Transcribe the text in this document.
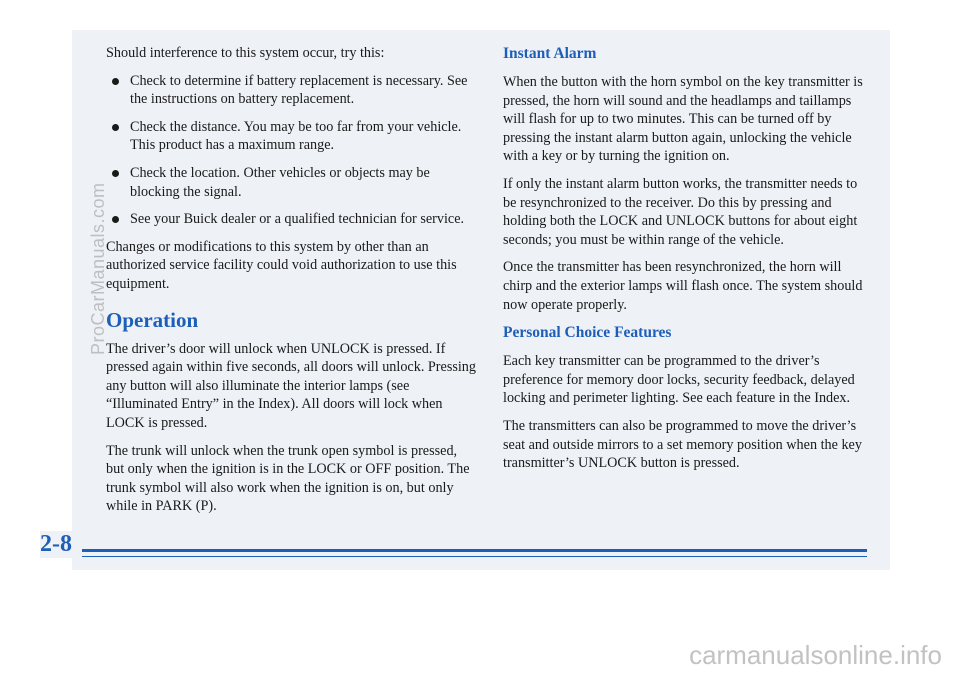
Should interference to this system occur, try this:

Check to determine if battery replacement is necessary. See the instructions on battery replacement.
Check the distance. You may be too far from your vehicle. This product has a maximum range.
Check the location. Other vehicles or objects may be blocking the signal.
See your Buick dealer or a qualified technician for service.

Changes or modifications to this system by other than an authorized service facility could void authorization to use this equipment.

Operation

The driver’s door will unlock when UNLOCK is pressed. If pressed again within five seconds, all doors will unlock. Pressing any button will also illuminate the interior lamps (see “Illuminated Entry” in the Index). All doors will lock when LOCK is pressed.

The trunk will unlock when the trunk open symbol is pressed, but only when the ignition is in the LOCK or OFF position. The trunk symbol will also work when the ignition is on, but only while in PARK (P).

Instant Alarm

When the button with the horn symbol on the key transmitter is pressed, the horn will sound and the headlamps and taillamps will flash for up to two minutes. This can be turned off by pressing the instant alarm button again, unlocking the vehicle with a key or by turning the ignition on.

If only the instant alarm button works, the transmitter needs to be resynchronized to the receiver. Do this by pressing and holding both the LOCK and UNLOCK buttons for about eight seconds; you must be within range of the vehicle.

Once the transmitter has been resynchronized, the horn will chirp and the exterior lamps will flash once. The system should now operate properly.

Personal Choice Features

Each key transmitter can be programmed to the driver’s preference for memory door locks, security feedback, delayed locking and perimeter lighting. See each feature in the Index.

The transmitters can also be programmed to move the driver’s seat and outside mirrors to a set memory position when the key transmitter’s UNLOCK button is pressed.

2-8
ProCarManuals.com
carmanualsonline.info
